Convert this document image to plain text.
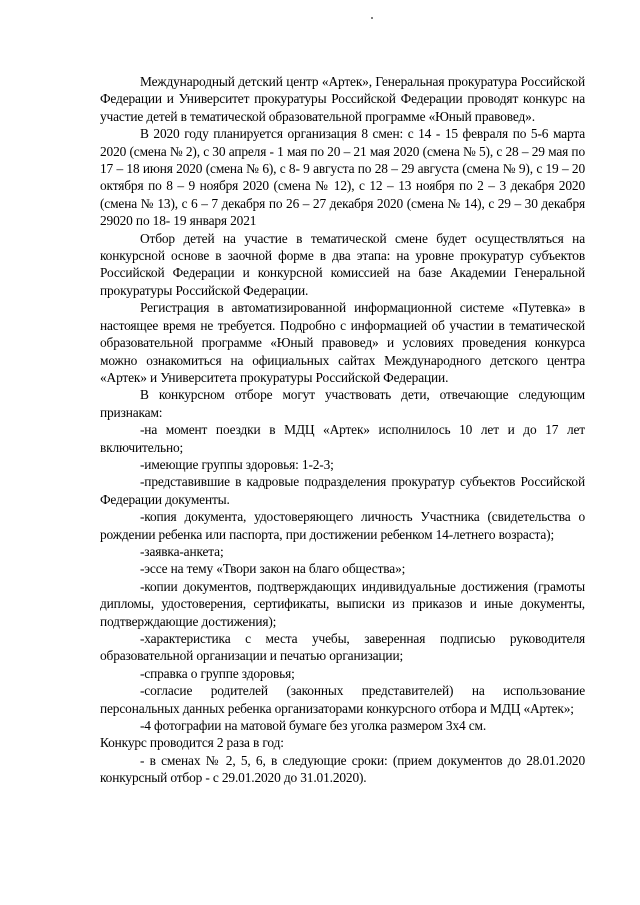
Международный детский центр «Артек», Генеральная прокуратура Российской Федерации и Университет прокуратуры Российской Федерации проводят конкурс на участие детей в тематической образовательной программе «Юный правовед».

В 2020 году планируется организация 8 смен: с 14 - 15 февраля по 5-6 марта 2020 (смена № 2), с 30 апреля - 1 мая по 20 – 21 мая 2020 (смена № 5), с 28 – 29 мая по 17 – 18 июня 2020 (смена № 6), с 8- 9 августа по 28 – 29 августа (смена № 9), с 19 – 20 октября по 8 – 9 ноября 2020 (смена № 12), с 12 – 13 ноября по 2 – 3 декабря 2020 (смена № 13), с 6 – 7 декабря по 26 – 27 декабря 2020 (смена № 14), с 29 – 30 декабря 29020 по 18- 19 января 2021

Отбор детей на участие в тематической смене будет осуществляться на конкурсной основе в заочной форме в два этапа: на уровне прокуратур субъектов Российской Федерации и конкурсной комиссией на базе Академии Генеральной прокуратуры Российской Федерации.

Регистрация в автоматизированной информационной системе «Путевка» в настоящее время не требуется. Подробно с информацией об участии в тематической образовательной программе «Юный правовед» и условиях проведения конкурса можно ознакомиться на официальных сайтах Международного детского центра «Артек» и Университета прокуратуры Российской Федерации.

В конкурсном отборе могут участвовать дети, отвечающие следующим признакам:

-на момент поездки в МДЦ «Артек» исполнилось 10 лет и до 17 лет включительно;

-имеющие группы здоровья: 1-2-3;

-представившие в кадровые подразделения прокуратур субъектов Российской Федерации документы.

-копия документа, удостоверяющего личность Участника (свидетельства о рождении ребенка или паспорта, при достижении ребенком 14-летнего возраста);

-заявка-анкета;

-эссе на тему «Твори закон на благо общества»;

-копии документов, подтверждающих индивидуальные достижения (грамоты дипломы, удостоверения, сертификаты, выписки из приказов и иные документы, подтверждающие достижения);

-характеристика с места учебы, заверенная подписью руководителя образовательной организации и печатью организации;

-справка о группе здоровья;

-согласие родителей (законных представителей) на использование персональных данных ребенка организаторами конкурсного отбора и МДЦ «Артек»;

-4 фотографии на матовой бумаге без уголка размером 3х4 см.

Конкурс проводится 2 раза в год:

- в сменах № 2, 5, 6, в следующие сроки: (прием документов до 28.01.2020 конкурсный отбор - с 29.01.2020 до 31.01.2020).
